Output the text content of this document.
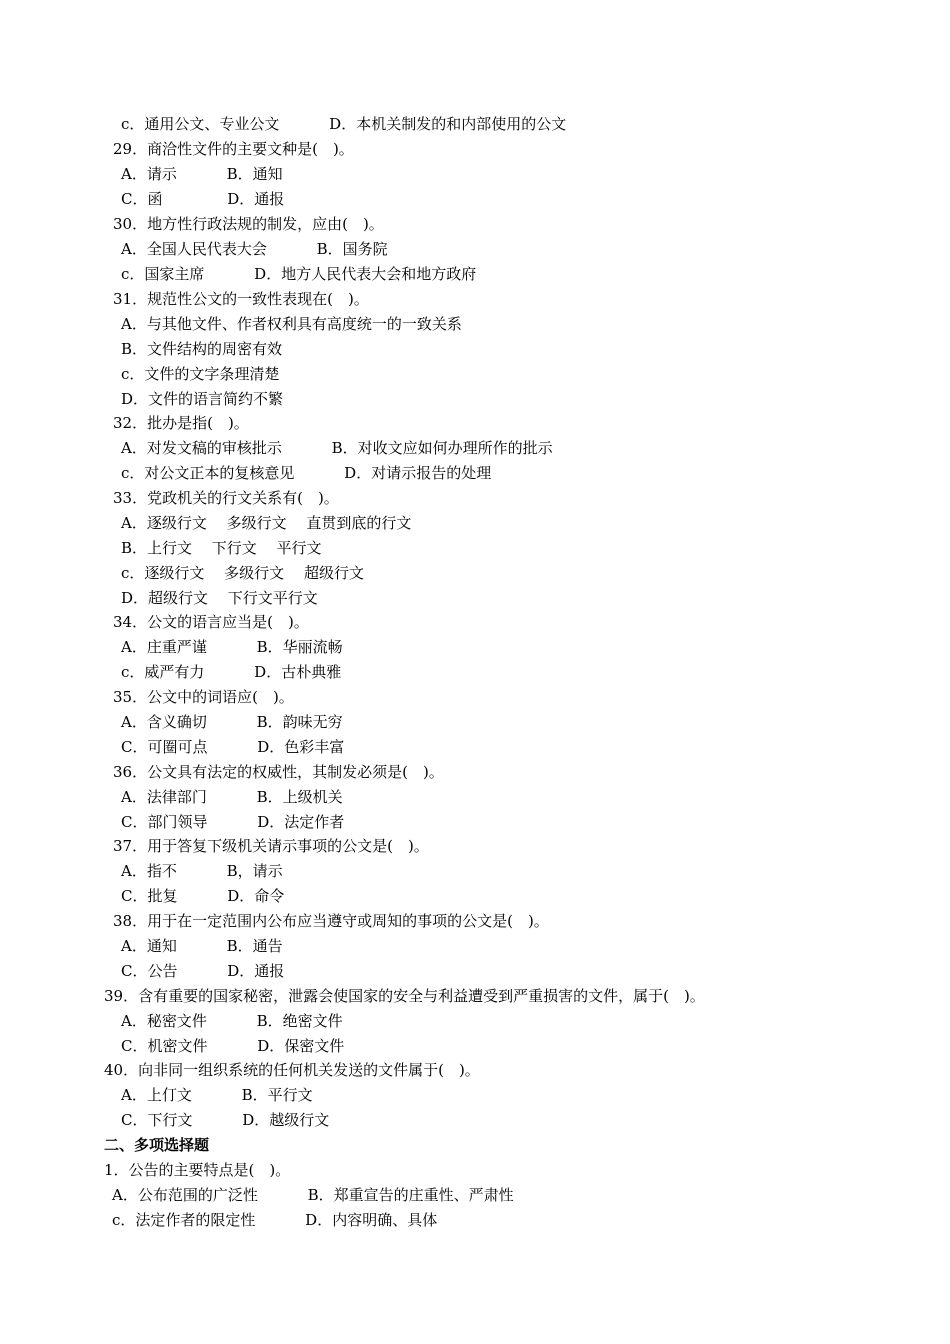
c．通用公文、专业公文　　　 D．本机关制发的和内部使用的公文
29．商洽性文件的主要文种是(　)。
A．请示　　　 B．通知
C．函　　　　 D．通报
30．地方性行政法规的制发，应由(　)。
A．全国人民代表大会　　　 B．国务院
c．国家主席　　　 D．地方人民代表大会和地方政府
31．规范性公文的一致性表现在(　)。
A．与其他文件、作者权利具有高度统一的一致关系
B．文件结构的周密有效
c．文件的文字条理清楚
D．文件的语言简约不繁
32．批办是指(　)。
A．对发文稿的审核批示　　　 B．对收文应如何办理所作的批示
c．对公文正本的复核意见　　　 D．对请示报告的处理
33．党政机关的行文关系有(　)。
A．逐级行文　 多级行文　 直贯到底的行文
B．上行文　 下行文　 平行文
c．逐级行文　 多级行文　 超级行文
D．超级行文　 下行文平行文
34．公文的语言应当是(　)。
A．庄重严谨　　　 B．华丽流畅
c．威严有力　　　 D．古朴典雅
35．公文中的词语应(　)。
A．含义确切　　　 B．韵味无穷
C．可圈可点　　　 D．色彩丰富
36．公文具有法定的权威性，其制发必须是(　)。
A．法律部门　　　 B．上级机关
C．部门领导　　　 D．法定作者
37．用于答复下级机关请示事项的公文是(　)。
A．指不　　　 B，请示
C．批复　　　 D．命令
38．用于在一定范围内公布应当遵守或周知的事项的公文是(　)。
A．通知　　　 B．通告
C．公告　　　 D．通报
39．含有重要的国家秘密，泄露会使国家的安全与利益遭受到严重损害的文件，属于(　)。
A．秘密文件　　　 B．绝密文件
C．机密文件　　　 D．保密文件
40．向非同一组织系统的任何机关发送的文件属于(　)。
A．上仃文　　　 B．平行文
C．下行文　　　 D．越级行文
二、多项选择题
1．公告的主要特点是(　)。
A．公布范围的广泛性　　　 B．郑重宣告的庄重性、严肃性
c．法定作者的限定性　　　 D．内容明确、具体
